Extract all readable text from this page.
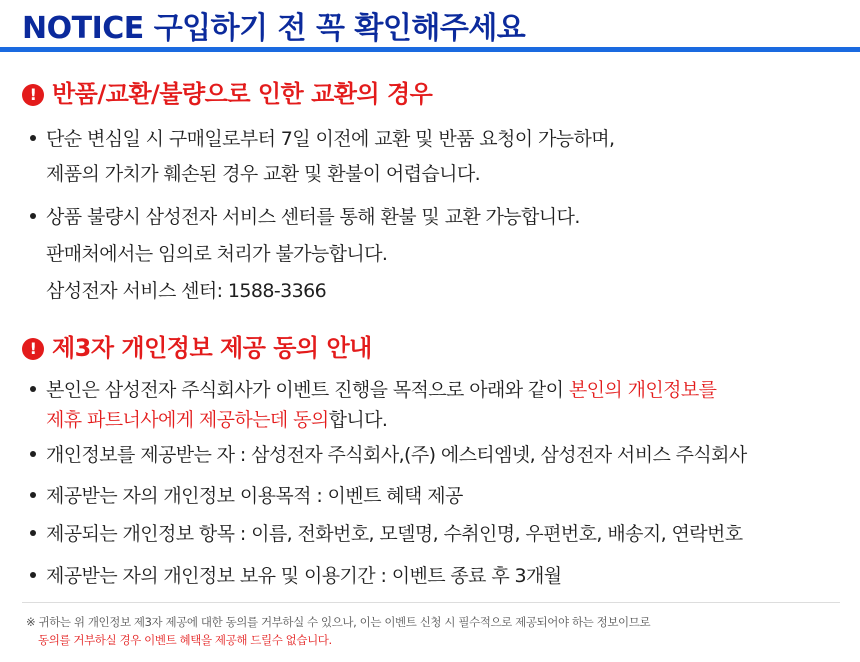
NOTICE 구입하기 전 꼭 확인해주세요
! 반품/교환/불량으로 인한 교환의 경우
단순 변심일 시 구매일로부터 7일 이전에 교환 및 반품 요청이 가능하며,
제품의 가치가 훼손된 경우 교환 및 환불이 어렵습니다.
상품 불량시 삼성전자 서비스 센터를 통해 환불 및 교환 가능합니다.
판매처에서는 임의로 처리가 불가능합니다.
삼성전자 서비스 센터: 1588-3366
! 제3자 개인정보 제공 동의 안내
본인은 삼성전자 주식회사가 이벤트 진행을 목적으로 아래와 같이 본인의 개인정보를
제휴 파트너사에게 제공하는데 동의합니다.
개인정보를 제공받는 자 : 삼성전자 주식회사,(주) 에스티엠넷, 삼성전자 서비스 주식회사
제공받는 자의 개인정보 이용목적 : 이벤트 혜택 제공
제공되는 개인정보 항목 : 이름, 전화번호, 모델명, 수취인명, 우편번호, 배송지, 연락번호
제공받는 자의 개인정보 보유 및 이용기간 : 이벤트 종료 후 3개월
※ 귀하는 위 개인정보 제3자 제공에 대한 동의를 거부하실 수 있으나, 이는 이벤트 신청 시 필수적으로 제공되어야 하는 정보이므로
동의를 거부하실 경우 이벤트 혜택을 제공해 드릴수 없습니다.
